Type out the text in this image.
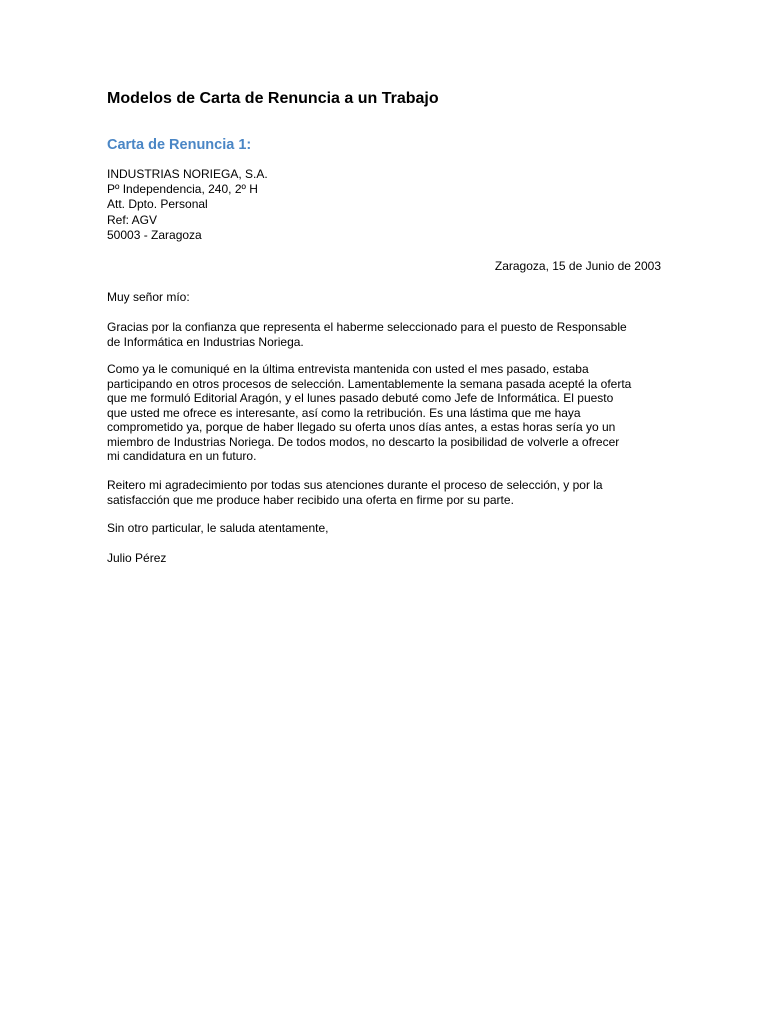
Modelos de Carta de Renuncia a un Trabajo
Carta de Renuncia 1:
INDUSTRIAS NORIEGA, S.A.
Pº Independencia, 240, 2º H
Att. Dpto. Personal
Ref: AGV
50003 - Zaragoza
Zaragoza, 15 de Junio de 2003
Muy señor mío:
Gracias por la confianza que representa el haberme seleccionado para el puesto de Responsable
de Informática en Industrias Noriega.
Como ya le comuniqué en la última entrevista mantenida con usted el mes pasado, estaba
participando en otros procesos de selección. Lamentablemente la semana pasada acepté la oferta
que me formuló Editorial Aragón, y el lunes pasado debuté como Jefe de Informática. El puesto
que usted me ofrece es interesante, así como la retribución. Es una lástima que me haya
comprometido ya, porque de haber llegado su oferta unos días antes, a estas horas sería yo un
miembro de Industrias Noriega. De todos modos, no descarto la posibilidad de volverle a ofrecer
mi candidatura en un futuro.
Reitero mi agradecimiento por todas sus atenciones durante el proceso de selección, y por la
satisfacción que me produce haber recibido una oferta en firme por su parte.
Sin otro particular, le saluda atentamente,
Julio Pérez
